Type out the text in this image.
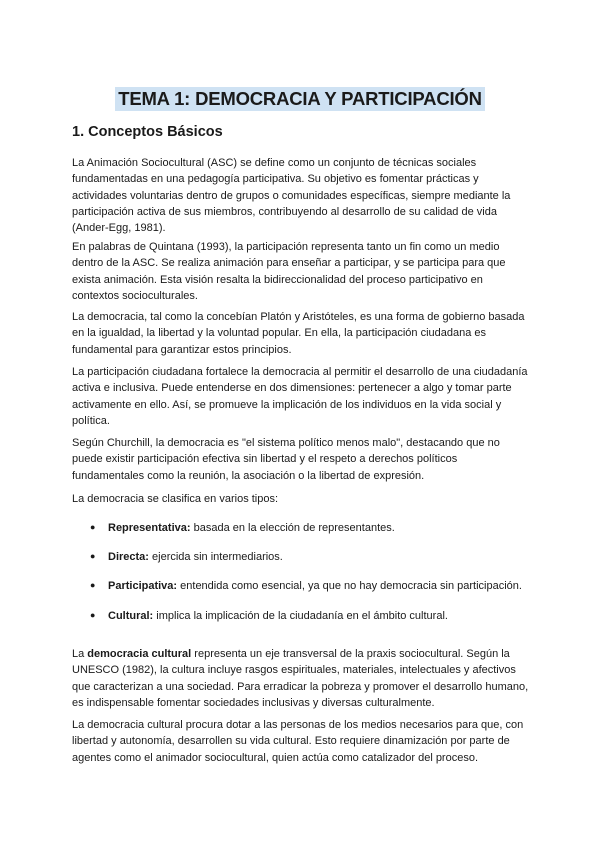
TEMA 1: DEMOCRACIA Y PARTICIPACIÓN
1. Conceptos Básicos

La Animación Sociocultural (ASC) se define como un conjunto de técnicas sociales fundamentadas en una pedagogía participativa. Su objetivo es fomentar prácticas y actividades voluntarias dentro de grupos o comunidades específicas, siempre mediante la participación activa de sus miembros, contribuyendo al desarrollo de su calidad de vida (Ander-Egg, 1981).

En palabras de Quintana (1993), la participación representa tanto un fin como un medio dentro de la ASC. Se realiza animación para enseñar a participar, y se participa para que exista animación. Esta visión resalta la bidireccionalidad del proceso participativo en contextos socioculturales.

La democracia, tal como la concebían Platón y Aristóteles, es una forma de gobierno basada en la igualdad, la libertad y la voluntad popular. En ella, la participación ciudadana es fundamental para garantizar estos principios.

La participación ciudadana fortalece la democracia al permitir el desarrollo de una ciudadanía activa e inclusiva. Puede entenderse en dos dimensiones: pertenecer a algo y tomar parte activamente en ello. Así, se promueve la implicación de los individuos en la vida social y política.

Según Churchill, la democracia es "el sistema político menos malo", destacando que no puede existir participación efectiva sin libertad y el respeto a derechos políticos fundamentales como la reunión, la asociación o la libertad de expresión.

La democracia se clasifica en varios tipos:

● Representativa: basada en la elección de representantes.
● Directa: ejercida sin intermediarios.
● Participativa: entendida como esencial, ya que no hay democracia sin participación.
● Cultural: implica la implicación de la ciudadanía en el ámbito cultural.

La democracia cultural representa un eje transversal de la praxis sociocultural. Según la UNESCO (1982), la cultura incluye rasgos espirituales, materiales, intelectuales y afectivos que caracterizan a una sociedad. Para erradicar la pobreza y promover el desarrollo humano, es indispensable fomentar sociedades inclusivas y diversas culturalmente.

La democracia cultural procura dotar a las personas de los medios necesarios para que, con libertad y autonomía, desarrollen su vida cultural. Esto requiere dinamización por parte de agentes como el animador sociocultural, quien actúa como catalizador del proceso.
